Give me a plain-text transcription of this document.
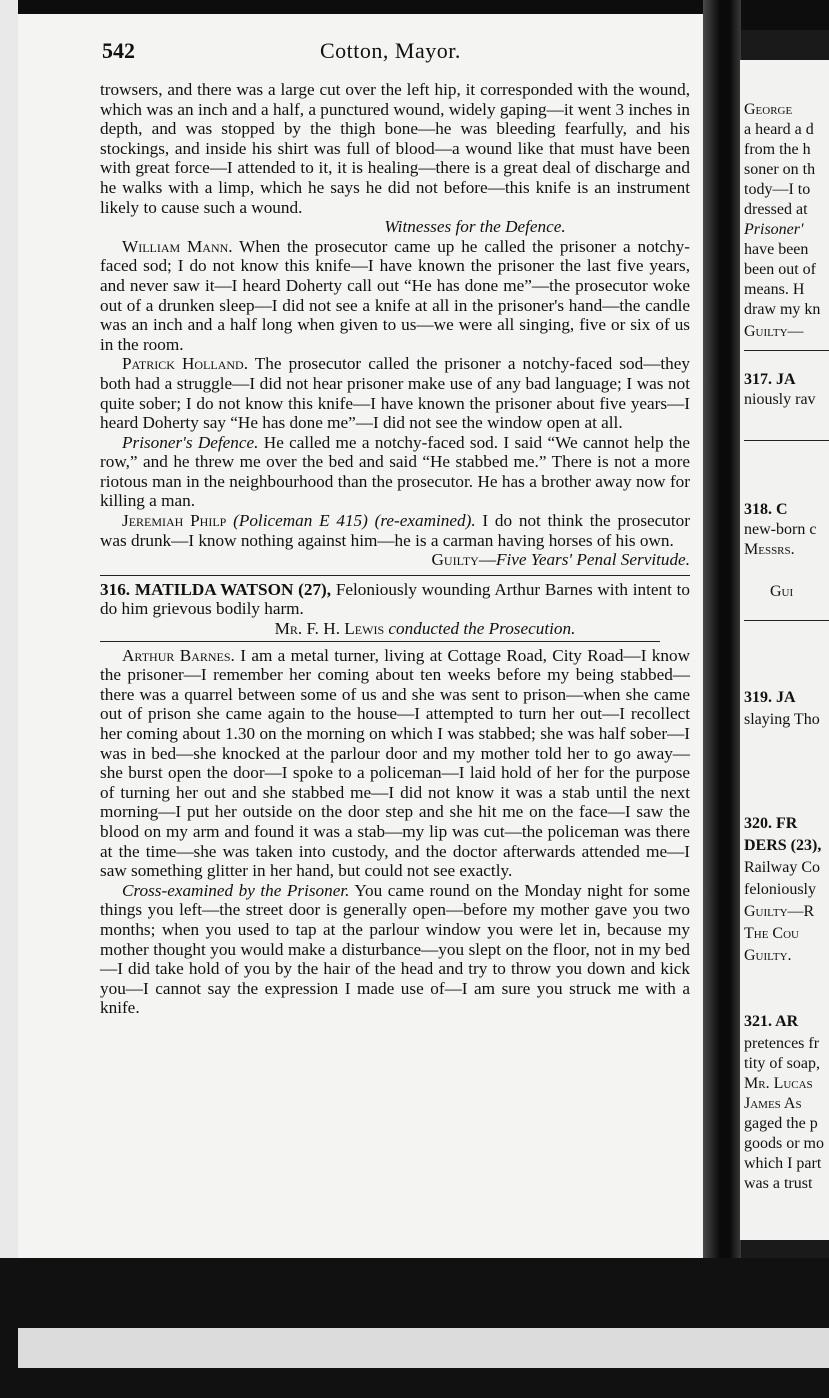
George
a heard a d
from the h
soner on th
tody—I to
dressed at
Prisoner'
have been
been out of
means. H
draw my kn
Guilty—
317. JA
niously rav
318. C
new-born c
Messrs.
Gui
319. JA
slaying Tho
320. FR
DERS (23),
Railway Co
feloniously
Guilty—R
The Cou
Guilty.
321. AR
pretences fr
tity of soap,
Mr. Lucas
James As
gaged the p
goods or mo
which I part
was a trust
542	Cotton, Mayor.

trowsers, and there was a large cut over the left hip, it corresponded with the wound, which was an inch and a half, a punctured wound, widely gaping—it went 3 inches in depth, and was stopped by the thigh bone—he was bleeding fearfully, and his stockings, and inside his shirt was full of blood—a wound like that must have been with great force—I attended to it, it is healing—there is a great deal of discharge and he walks with a limp, which he says he did not before—this knife is an instrument likely to cause such a wound.

Witnesses for the Defence.

William Mann. When the prosecutor came up he called the prisoner a notchy-faced sod; I do not know this knife—I have known the prisoner the last five years, and never saw it—I heard Doherty call out “He has done me”—the prosecutor woke out of a drunken sleep—I did not see a knife at all in the prisoner's hand—the candle was an inch and a half long when given to us—we were all singing, five or six of us in the room.

Patrick Holland. The prosecutor called the prisoner a notchy-faced sod—they both had a struggle—I did not hear prisoner make use of any bad language; I was not quite sober; I do not know this knife—I have known the prisoner about five years—I heard Doherty say “He has done me”—I did not see the window open at all.

Prisoner's Defence. He called me a notchy-faced sod. I said “We cannot help the row,” and he threw me over the bed and said “He stabbed me.” There is not a more riotous man in the neighbourhood than the prosecutor. He has a brother away now for killing a man.

Jeremiah Philp (Policeman E 415) (re-examined). I do not think the prosecutor was drunk—I know nothing against him—he is a carman having horses of his own.

Guilty—Five Years' Penal Servitude.

316. MATILDA WATSON (27), Feloniously wounding Arthur Barnes with intent to do him grievous bodily harm.

Mr. F. H. Lewis conducted the Prosecution.

Arthur Barnes. I am a metal turner, living at Cottage Road, City Road—I know the prisoner—I remember her coming about ten weeks before my being stabbed—there was a quarrel between some of us and she was sent to prison—when she came out of prison she came again to the house—I attempted to turn her out—I recollect her coming about 1.30 on the morning on which I was stabbed; she was half sober—I was in bed—she knocked at the parlour door and my mother told her to go away—she burst open the door—I spoke to a policeman—I laid hold of her for the purpose of turning her out and she stabbed me—I did not know it was a stab until the next morning—I put her outside on the door step and she hit me on the face—I saw the blood on my arm and found it was a stab—my lip was cut—the policeman was there at the time—she was taken into custody, and the doctor afterwards attended me—I saw something glitter in her hand, but could not see exactly.

Cross-examined by the Prisoner. You came round on the Monday night for some things you left—the street door is generally open—before my mother gave you two months; when you used to tap at the parlour window you were let in, because my mother thought you would make a disturbance—you slept on the floor, not in my bed—I did take hold of you by the hair of the head and try to throw you down and kick you—I cannot say the expression I made use of—I am sure you struck me with a knife.
